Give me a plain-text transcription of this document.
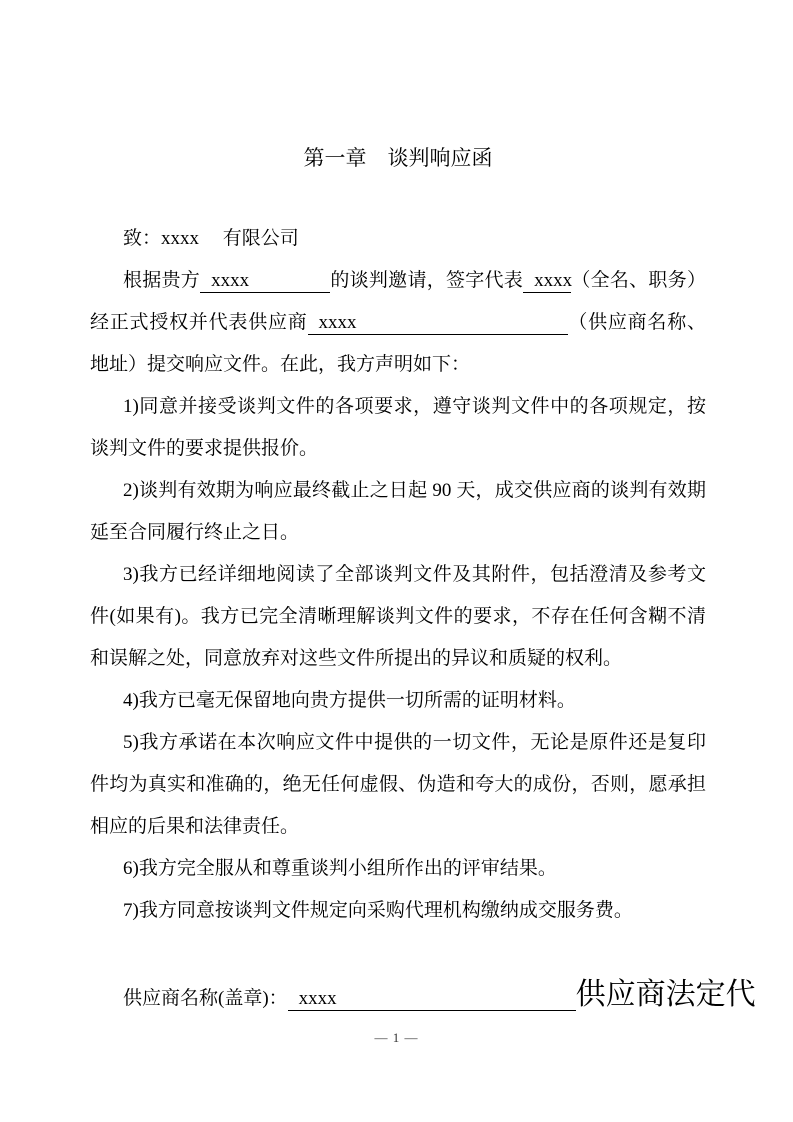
第一章　谈判响应函

致：xxxx　 有限公司

根据贵方 xxxx	的谈判邀请，签字代表 xxxx（全名、职务）经正式授权并代表供应商 xxxx	（供应商名称、地址）提交响应文件。在此，我方声明如下：

1)同意并接受谈判文件的各项要求，遵守谈判文件中的各项规定，按谈判文件的要求提供报价。

2)谈判有效期为响应最终截止之日起 90 天，成交供应商的谈判有效期延至合同履行终止之日。

3)我方已经详细地阅读了全部谈判文件及其附件，包括澄清及参考文件(如果有)。我方已完全清晰理解谈判文件的要求，不存在任何含糊不清和误解之处，同意放弃对这些文件所提出的异议和质疑的权利。

4)我方已毫无保留地向贵方提供一切所需的证明材料。

5)我方承诺在本次响应文件中提供的一切文件，无论是原件还是复印件均为真实和准确的，绝无任何虚假、伪造和夸大的成份，否则，愿承担相应的后果和法律责任。

6)我方完全服从和尊重谈判小组所作出的评审结果。

7)我方同意按谈判文件规定向采购代理机构缴纳成交服务费。

供应商名称(盖章)： xxxx	供应商法定代

— 1 —
